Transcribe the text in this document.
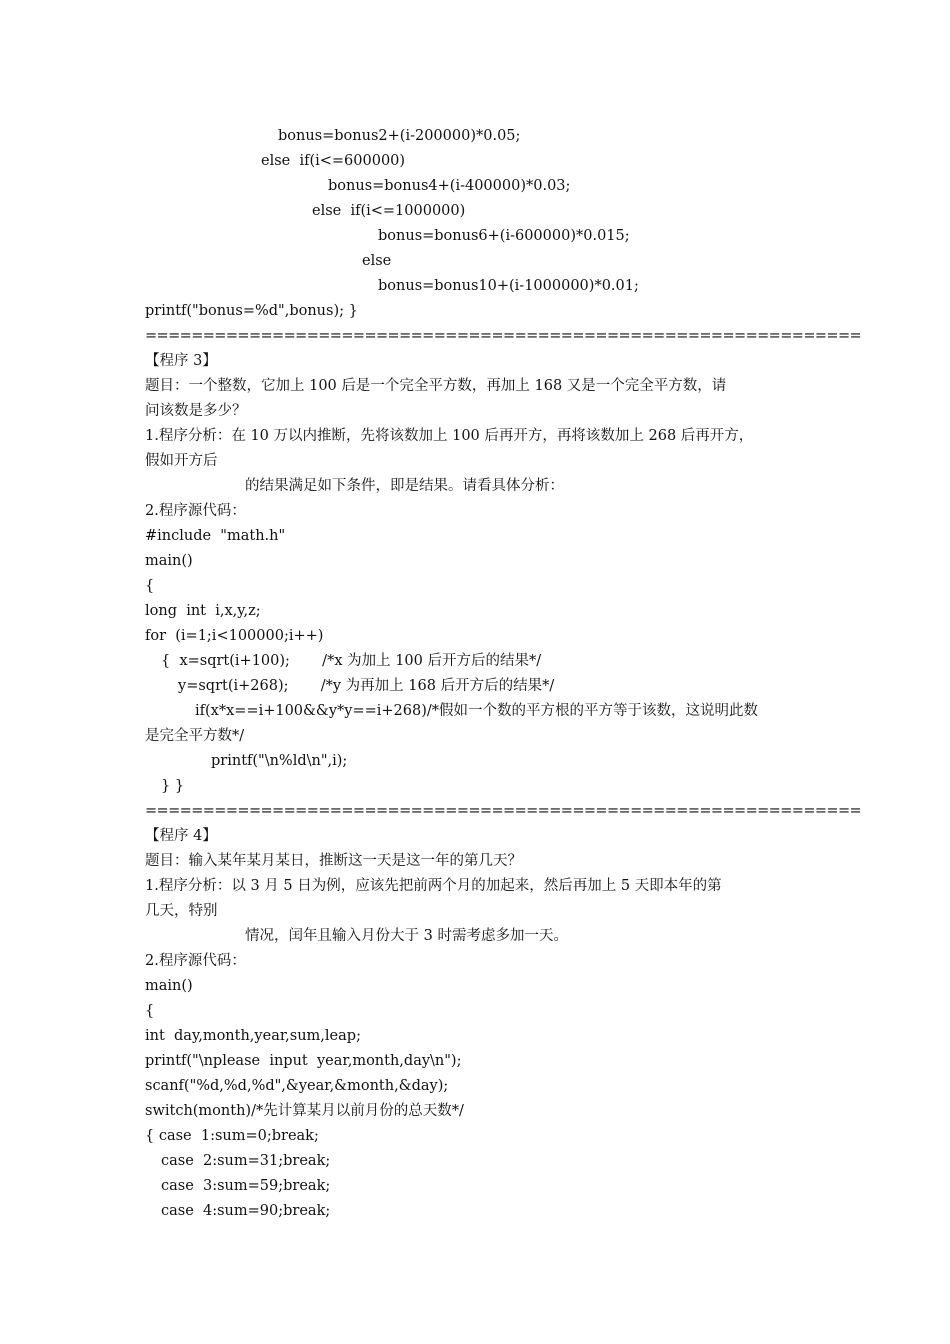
bonus=bonus2+(i-200000)*0.05;
else  if(i<=600000)
bonus=bonus4+(i-400000)*0.03;
else  if(i<=1000000)
bonus=bonus6+(i-600000)*0.015;
else
bonus=bonus10+(i-1000000)*0.01;
printf("bonus=%d",bonus); }
==============================================================
【程序 3】
题目：一个整数，它加上 100 后是一个完全平方数，再加上 168 又是一个完全平方数，请
问该数是多少？
1.程序分析：在 10 万以内推断，先将该数加上 100 后再开方，再将该数加上 268 后再开方，
假如开方后
的结果满足如下条件，即是结果。请看具体分析：
2.程序源代码：
#include  "math.h"
main()
{
long  int  i,x,y,z;
for  (i=1;i<100000;i++)
{  x=sqrt(i+100);       /*x 为加上 100 后开方后的结果*/
y=sqrt(i+268);       /*y 为再加上 168 后开方后的结果*/
if(x*x==i+100&&y*y==i+268)/*假如一个数的平方根的平方等于该数，这说明此数
是完全平方数*/
printf("\n%ld\n",i);
} }
==============================================================
【程序 4】
题目：输入某年某月某日，推断这一天是这一年的第几天？
1.程序分析：以 3 月 5 日为例，应该先把前两个月的加起来，然后再加上 5 天即本年的第
几天，特别
情况，闰年且输入月份大于 3 时需考虑多加一天。
2.程序源代码：
main()
{
int  day,month,year,sum,leap;
printf("\nplease  input  year,month,day\n");
scanf("%d,%d,%d",&year,&month,&day);
switch(month)/*先计算某月以前月份的总天数*/
{ case  1:sum=0;break;
case  2:sum=31;break;
case  3:sum=59;break;
case  4:sum=90;break;
